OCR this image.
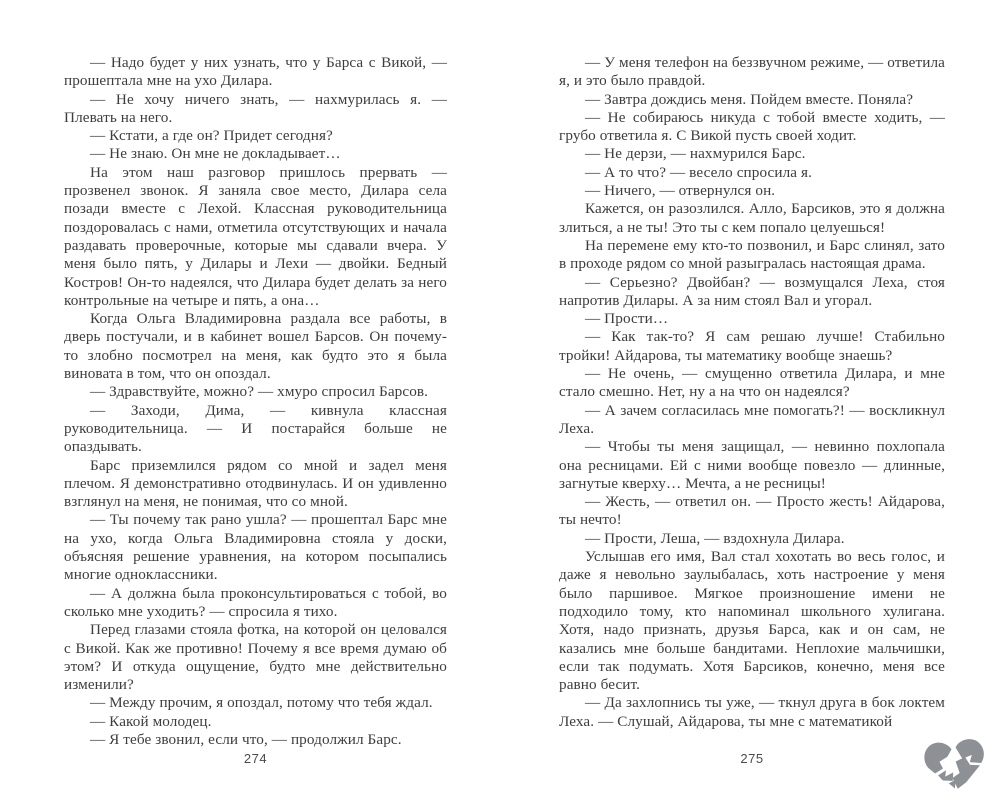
— Надо будет у них узнать, что у Барса с Викой, — прошептала мне на ухо Дилара.

— Не хочу ничего знать, — нахмурилась я. — Плевать на него.

— Кстати, а где он? Придет сегодня?

— Не знаю. Он мне не докладывает…

На этом наш разговор пришлось прервать — прозвенел звонок. Я заняла свое место, Дилара села позади вместе с Лехой. Классная руководительница поздоровалась с нами, отметила отсутствующих и начала раздавать проверочные, которые мы сдавали вчера. У меня было пять, у Дилары и Лехи — двойки. Бедный Костров! Он-то надеялся, что Дилара будет делать за него контрольные на четыре и пять, а она…

Когда Ольга Владимировна раздала все работы, в дверь постучали, и в кабинет вошел Барсов. Он почему-то злобно посмотрел на меня, как будто это я была виновата в том, что он опоздал.

— Здравствуйте, можно? — хмуро спросил Барсов.

— Заходи, Дима, — кивнула классная руководительница. — И постарайся больше не опаздывать.

Барс приземлился рядом со мной и задел меня плечом. Я демонстративно отодвинулась. И он удивленно взглянул на меня, не понимая, что со мной.

— Ты почему так рано ушла? — прошептал Барс мне на ухо, когда Ольга Владимировна стояла у доски, объясняя решение уравнения, на котором посыпались многие одноклассники.

— А должна была проконсультироваться с тобой, во сколько мне уходить? — спросила я тихо.

Перед глазами стояла фотка, на которой он целовался с Викой. Как же противно! Почему я все время думаю об этом? И откуда ощущение, будто мне действительно изменили?

— Между прочим, я опоздал, потому что тебя ждал.

— Какой молодец.

— Я тебе звонил, если что, — продолжил Барс.

— У меня телефон на беззвучном режиме, — ответила я, и это было правдой.

— Завтра дождись меня. Пойдем вместе. Поняла?

— Не собираюсь никуда с тобой вместе ходить, — грубо ответила я. С Викой пусть своей ходит.

— Не дерзи, — нахмурился Барс.

— А то что? — весело спросила я.

— Ничего, — отвернулся он.

Кажется, он разозлился. Алло, Барсиков, это я должна злиться, а не ты! Это ты с кем попало целуешься!

На перемене ему кто-то позвонил, и Барс слинял, зато в проходе рядом со мной разыгралась настоящая драма.

— Серьезно? Двойбан? — возмущался Леха, стоя напротив Дилары. А за ним стоял Вал и угорал.

— Прости…

— Как так-то? Я сам решаю лучше! Стабильно тройки! Айдарова, ты математику вообще знаешь?

— Не очень, — смущенно ответила Дилара, и мне стало смешно. Нет, ну а на что он надеялся?

— А зачем согласилась мне помогать?! — воскликнул Леха.

— Чтобы ты меня защищал, — невинно похлопала она ресницами. Ей с ними вообще повезло — длинные, загнутые кверху… Мечта, а не ресницы!

— Жесть, — ответил он. — Просто жесть! Айдарова, ты нечто!

— Прости, Леша, — вздохнула Дилара.

Услышав его имя, Вал стал хохотать во весь голос, и даже я невольно заулыбалась, хоть настроение у меня было паршивое. Мягкое произношение имени не подходило тому, кто напоминал школьного хулигана. Хотя, надо признать, друзья Барса, как и он сам, не казались мне больше бандитами. Неплохие мальчишки, если так подумать. Хотя Барсиков, конечно, меня все равно бесит.

— Да захлопнись ты уже, — ткнул друга в бок локтем Леха. — Слушай, Айдарова, ты мне с математикой

274	275
